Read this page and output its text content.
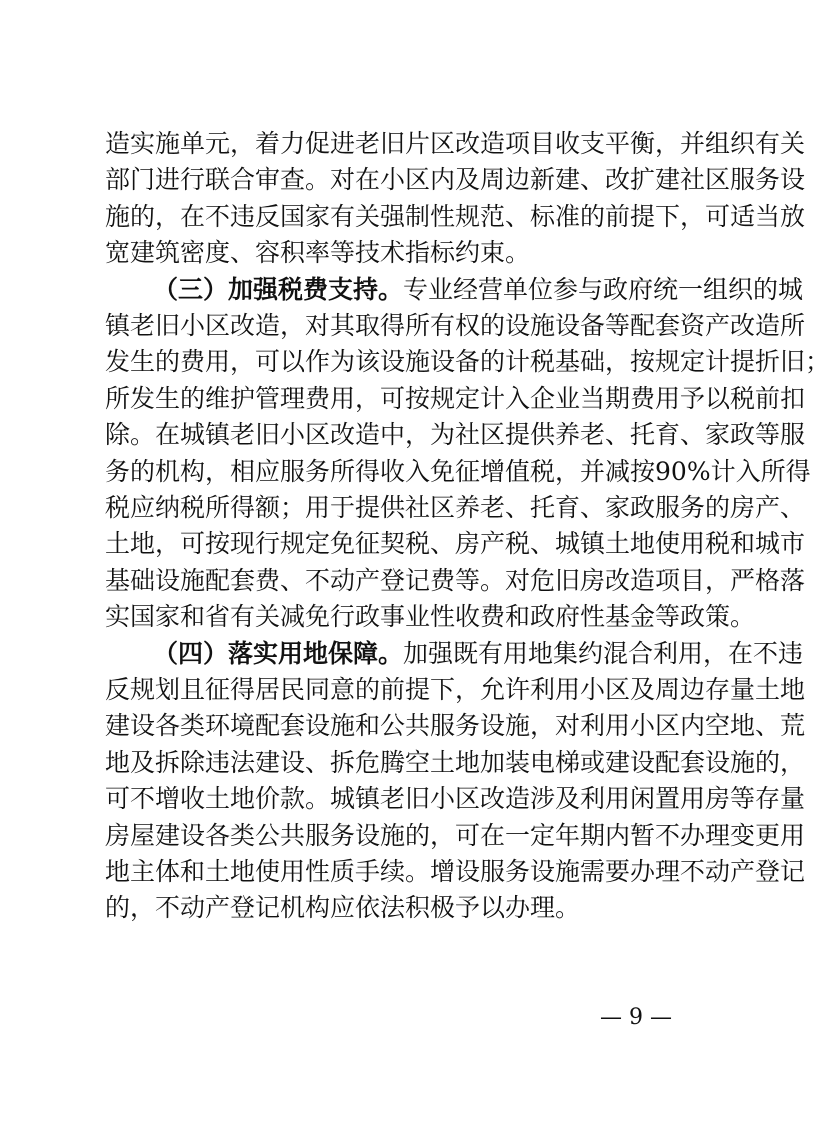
造实施单元，着力促进老旧片区改造项目收支平衡，并组织有关
部门进行联合审查。对在小区内及周边新建、改扩建社区服务设
施的，在不违反国家有关强制性规范、标准的前提下，可适当放
宽建筑密度、容积率等技术指标约束。
（三）加强税费支持。专业经营单位参与政府统一组织的城
镇老旧小区改造，对其取得所有权的设施设备等配套资产改造所
发生的费用，可以作为该设施设备的计税基础，按规定计提折旧；
所发生的维护管理费用，可按规定计入企业当期费用予以税前扣
除。在城镇老旧小区改造中，为社区提供养老、托育、家政等服
务的机构，相应服务所得收入免征增值税，并减按90%计入所得
税应纳税所得额；用于提供社区养老、托育、家政服务的房产、
土地，可按现行规定免征契税、房产税、城镇土地使用税和城市
基础设施配套费、不动产登记费等。对危旧房改造项目，严格落
实国家和省有关减免行政事业性收费和政府性基金等政策。
（四）落实用地保障。加强既有用地集约混合利用，在不违
反规划且征得居民同意的前提下，允许利用小区及周边存量土地
建设各类环境配套设施和公共服务设施，对利用小区内空地、荒
地及拆除违法建设、拆危腾空土地加装电梯或建设配套设施的，
可不增收土地价款。城镇老旧小区改造涉及利用闲置用房等存量
房屋建设各类公共服务设施的，可在一定年期内暂不办理变更用
地主体和土地使用性质手续。增设服务设施需要办理不动产登记
的，不动产登记机构应依法积极予以办理。
— 9 —
